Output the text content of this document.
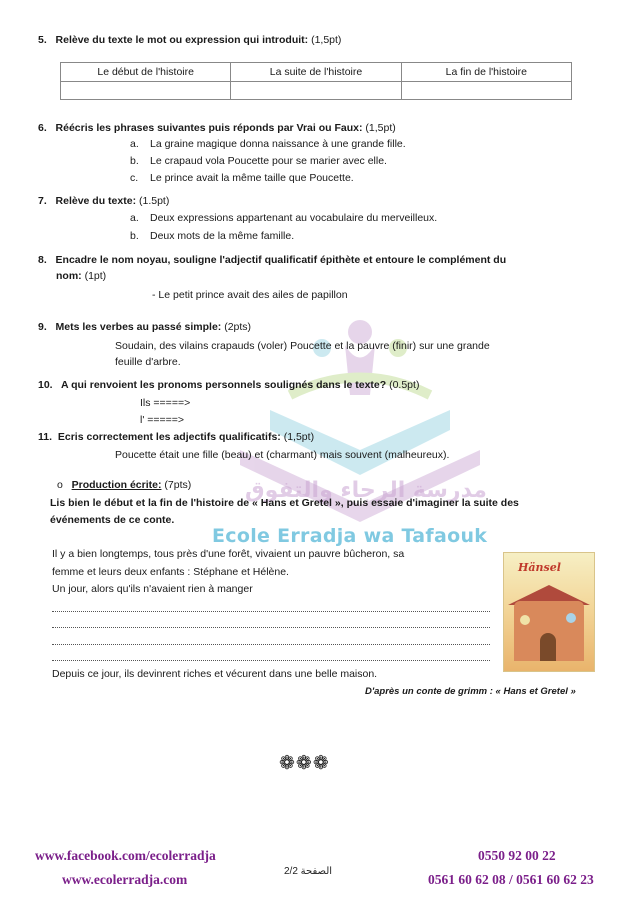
مدرسة الرجاء والتفوق
Ecole Erradja wa Tafaouk
5. Relève du texte le mot ou expression qui introduit: (1,5pt)
Le début de l'histoire	La suite de l'histoire	La fin de l'histoire

6. Réécris les phrases suivantes puis réponds par Vrai ou Faux: (1,5pt)
a. La graine magique donna naissance à une grande fille.
b. Le crapaud vola Poucette pour se marier avec elle.
c. Le prince avait la même taille que Poucette.
7. Relève du texte: (1.5pt)
a. Deux expressions appartenant au vocabulaire du merveilleux.
b. Deux mots de la même famille.
8. Encadre le nom noyau, souligne l'adjectif qualificatif épithète et entoure le complément du
nom: (1pt)
- Le petit prince avait des ailes de papillon
9. Mets les verbes au passé simple: (2pts)
Soudain, des vilains crapauds (voler) Poucette et la pauvre (finir) sur une grande
feuille d'arbre.
10. A qui renvoient les pronoms personnels soulignés dans le texte? (0.5pt)
Ils =====>
l' =====>
11. Ecris correctement les adjectifs qualificatifs: (1,5pt)
Poucette était une fille (beau) et (charmant) mais souvent (malheureux).
o Production écrite: (7pts)
Lis bien le début et la fin de l'histoire de « Hans et Gretel », puis essaie d'imaginer la suite des
événements de ce conte.
Il y a bien longtemps, tous près d'une forêt, vivaient un pauvre bûcheron, sa
femme et leurs deux enfants : Stéphane et Hélène.
Un jour, alors qu'ils n'avaient rien à manger
Depuis ce jour, ils devinrent riches et vécurent dans une belle maison.
D'après un conte de grimm : « Hans et Gretel »
Hänsel
❁❁❁
www.facebook.com/ecolerradja
www.ecolerradja.com
الصفحة 2/2
0550 92 00 22
0561 60 62 08 / 0561 60 62 23
